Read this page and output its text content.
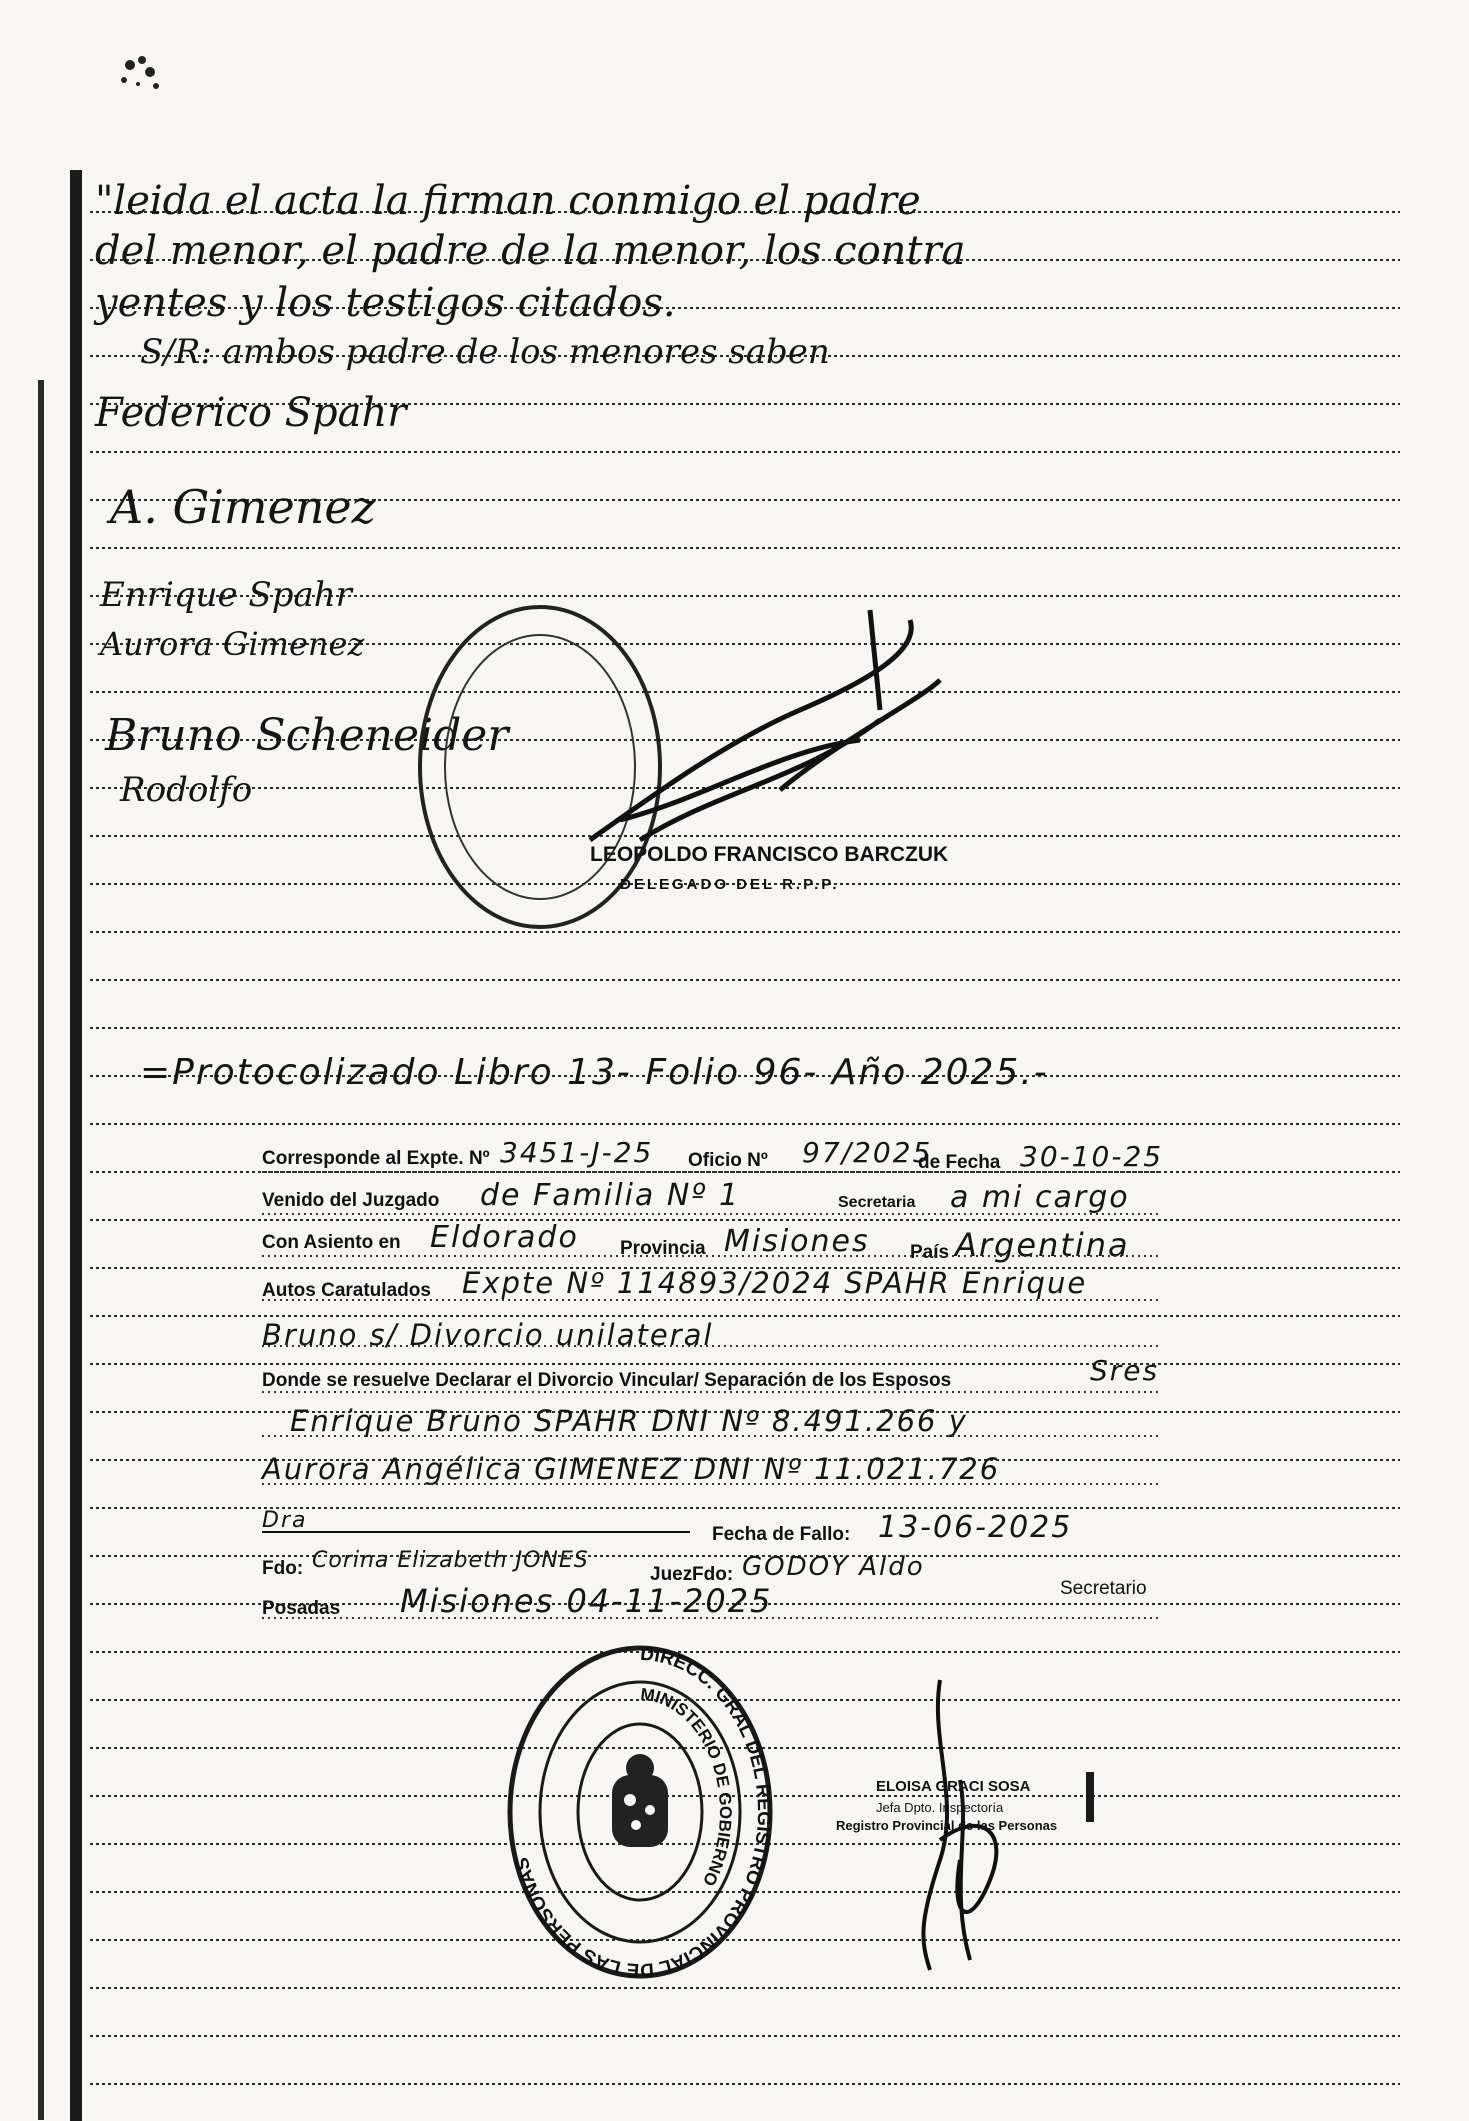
"leida el acta la firman conmigo el padre
del menor, el padre de la menor, los contra
yentes y los testigos citados.
S/R: ambos padre de los menores saben
Federico Spahr
A. Gimenez
Enrique Spahr
Aurora Gimenez
Bruno Scheneider
Rodolfo
LEOPOLDO FRANCISCO BARCZUK
DELEGADO DEL R.P.P.
=Protocolizado Libro 13- Folio 96- Año 2025.-
Corresponde al Expte. Nº 3451-J-25 Oficio Nº 97/2025
de Fecha 30-10-25
Venido del Juzgado de Familia Nº 1	Secretaria a mi cargo
Con Asiento en Eldorado Provincia Misiones País Argentina
Autos Caratulados Expte Nº 114893/2024 SPAHR Enrique
Bruno s/ Divorcio unilateral
Donde se resuelve Declarar el Divorcio Vincular/ Separación de los Esposos	Sres
Enrique Bruno SPAHR DNI Nº 8.491.266 y
Aurora Angélica GIMENEZ DNI Nº 11.021.726
Dra
Fecha de Fallo: 13-06-2025
Fdo: Corina Elizabeth JONES
Juez Fdo: GODOY Aldo
Secretario
Posadas Misiones 04-11-2025
DIRECC. GRAL DEL REGISTRO PROVINCIAL DE LAS PERSONAS
MINISTERIO DE GOBIERNO
ELOISA GRACI SOSA
Jefa Dpto. Inspectoría
Registro Provincial de las Personas
